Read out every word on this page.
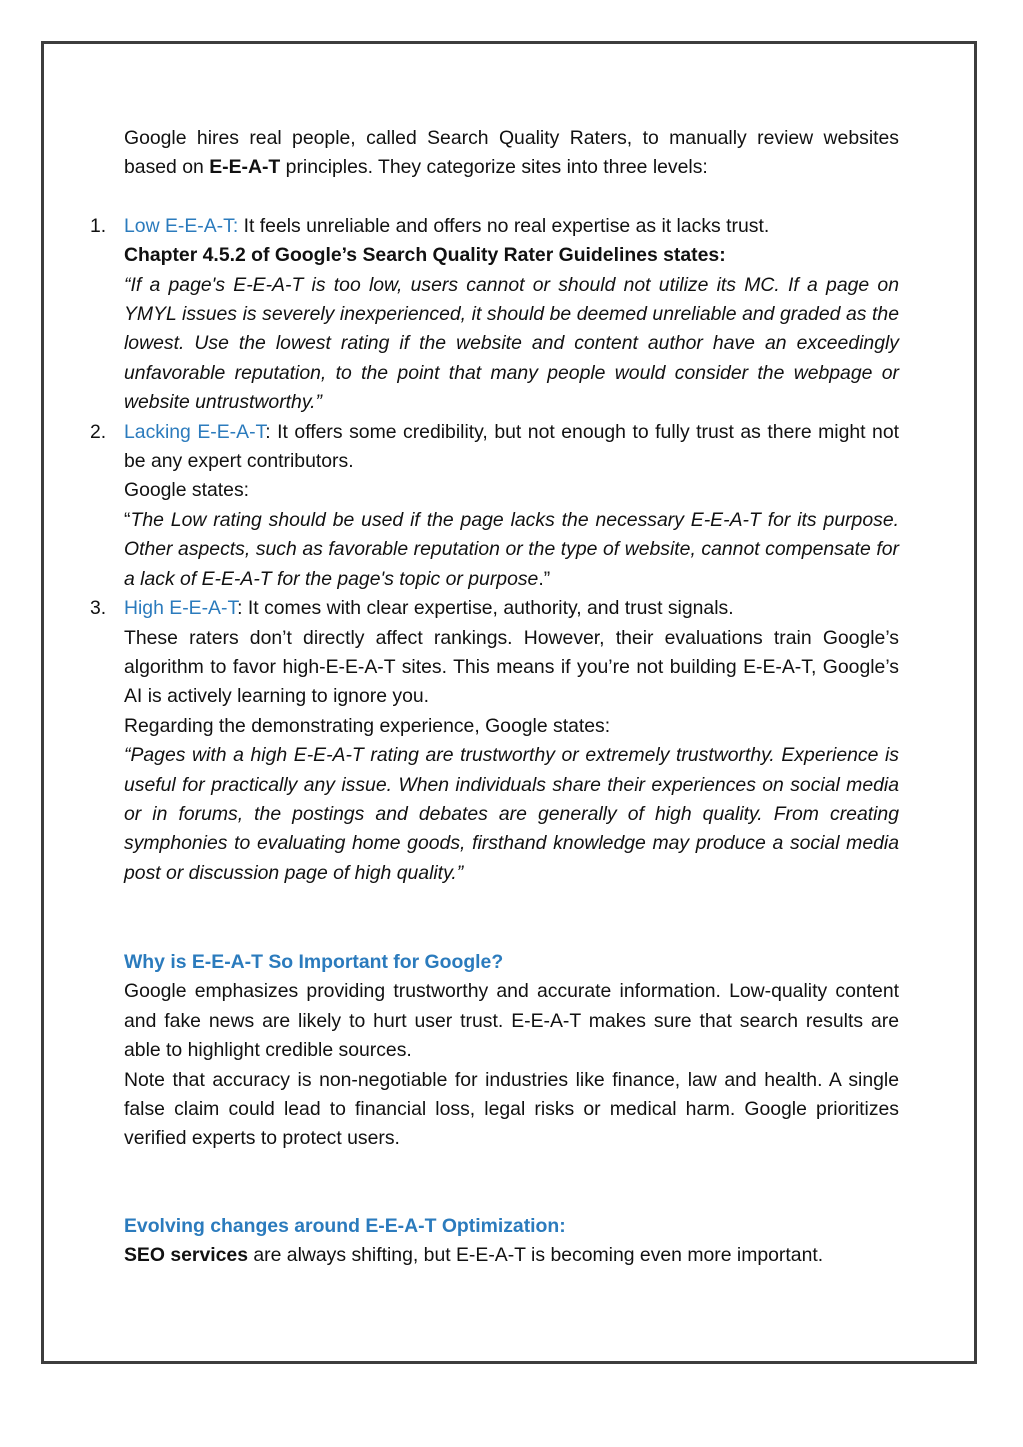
Google hires real people, called Search Quality Raters, to manually review websites based on E-E-A-T principles. They categorize sites into three levels:

1. Low E-E-A-T: It feels unreliable and offers no real expertise as it lacks trust.

Chapter 4.5.2 of Google’s Search Quality Rater Guidelines states:

“If a page's E-E-A-T is too low, users cannot or should not utilize its MC. If a page on YMYL issues is severely inexperienced, it should be deemed unreliable and graded as the lowest. Use the lowest rating if the website and content author have an exceedingly unfavorable reputation, to the point that many people would consider the webpage or website untrustworthy.”

2. Lacking E-E-A-T: It offers some credibility, but not enough to fully trust as there might not be any expert contributors.

Google states:

“The Low rating should be used if the page lacks the necessary E-E-A-T for its purpose. Other aspects, such as favorable reputation or the type of website, cannot compensate for a lack of E-E-A-T for the page's topic or purpose.”

3. High E-E-A-T: It comes with clear expertise, authority, and trust signals.

These raters don’t directly affect rankings. However, their evaluations train Google’s algorithm to favor high-E-E-A-T sites. This means if you’re not building E-E-A-T, Google’s AI is actively learning to ignore you.

Regarding the demonstrating experience, Google states:

“Pages with a high E-E-A-T rating are trustworthy or extremely trustworthy. Experience is useful for practically any issue. When individuals share their experiences on social media or in forums, the postings and debates are generally of high quality. From creating symphonies to evaluating home goods, firsthand knowledge may produce a social media post or discussion page of high quality.”

Why is E-E-A-T So Important for Google?

Google emphasizes providing trustworthy and accurate information. Low-quality content and fake news are likely to hurt user trust. E-E-A-T makes sure that search results are able to highlight credible sources.

Note that accuracy is non-negotiable for industries like finance, law and health. A single false claim could lead to financial loss, legal risks or medical harm. Google prioritizes verified experts to protect users.

Evolving changes around E-E-A-T Optimization:

SEO services are always shifting, but E-E-A-T is becoming even more important.
